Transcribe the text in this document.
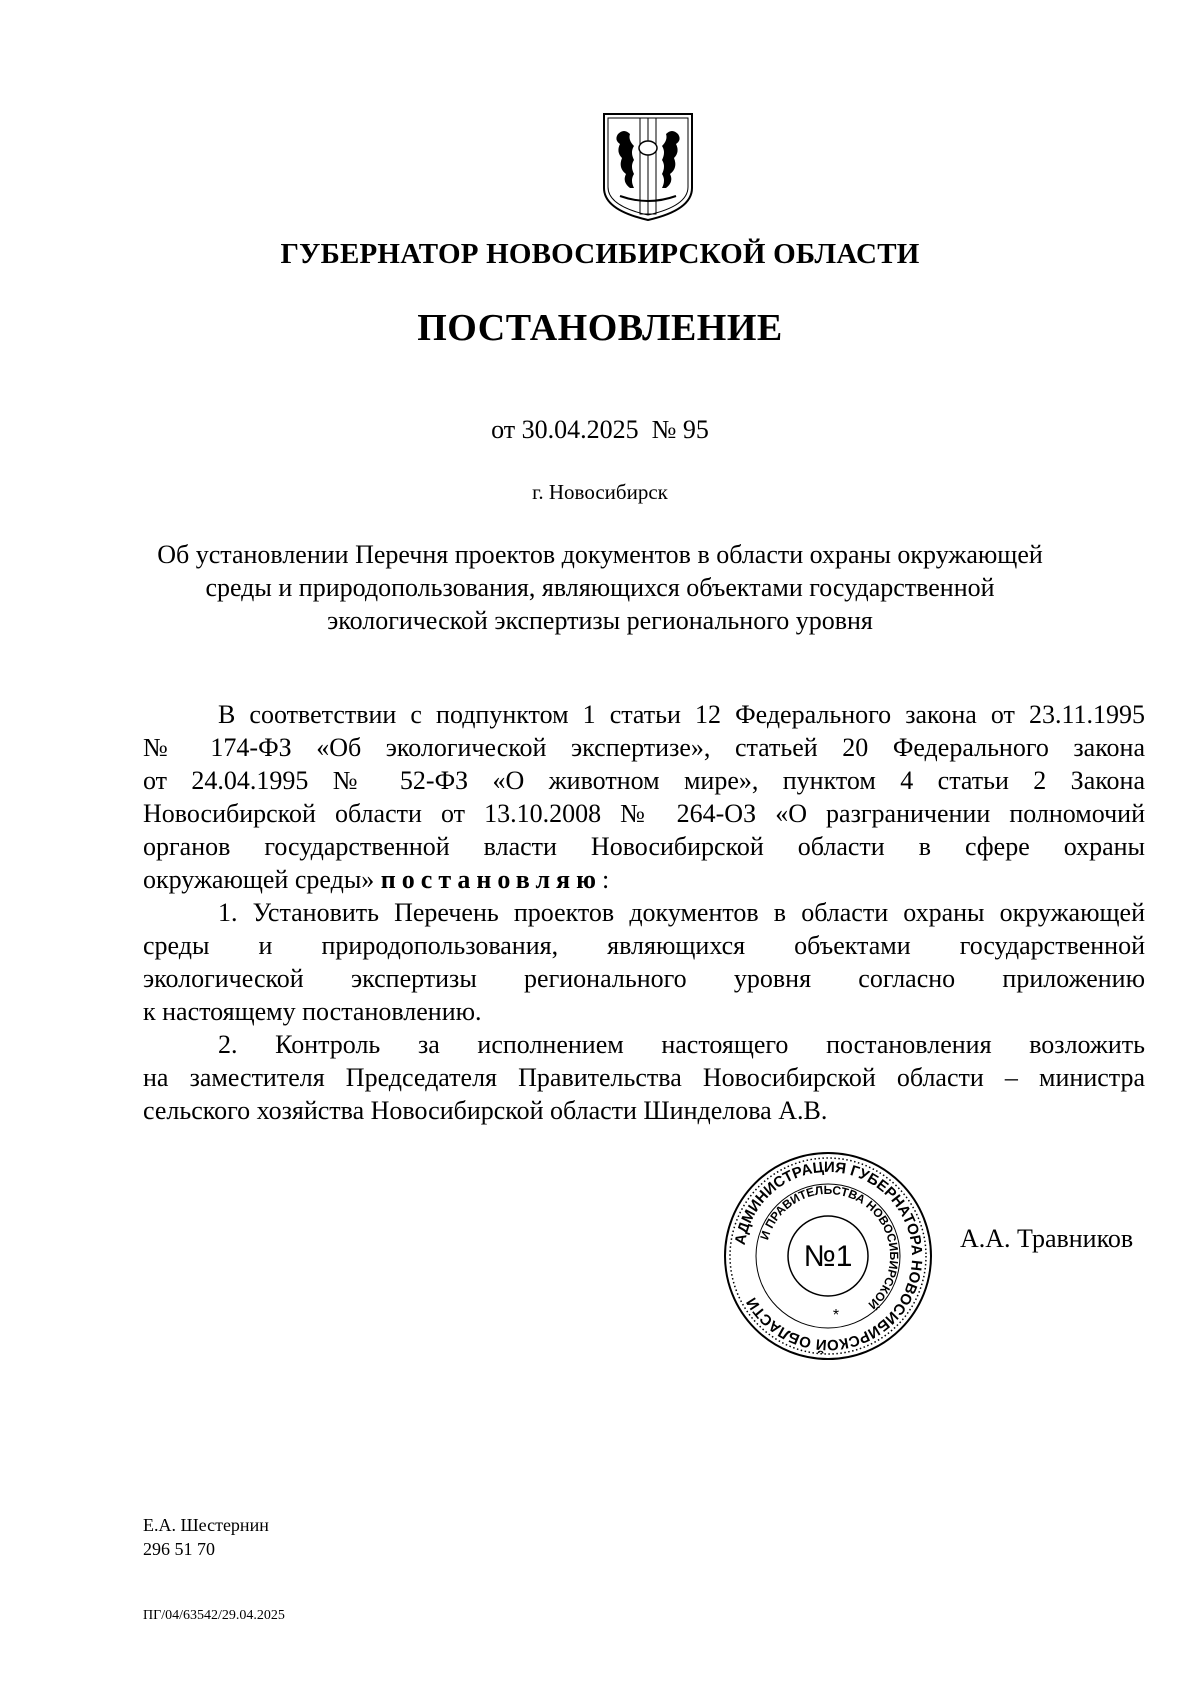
ГУБЕРНАТОР НОВОСИБИРСКОЙ ОБЛАСТИ
ПОСТАНОВЛЕНИЕ
от 30.04.2025  № 95
г. Новосибирск
Об установлении Перечня проектов документов в области охраны окружающей
среды и природопользования, являющихся объектами государственной
экологической экспертизы регионального уровня
В соответствии с подпунктом 1 статьи 12 Федерального закона от 23.11.1995
№ 174-ФЗ «Об экологической экспертизе», статьей 20 Федерального закона
от 24.04.1995 № 52-ФЗ «О животном мире», пунктом 4 статьи 2 Закона
Новосибирской области от 13.10.2008 № 264-ОЗ «О разграничении полномочий
органов государственной власти Новосибирской области в сфере охраны
окружающей среды» постановляю:
1. Установить Перечень проектов документов в области охраны окружающей
среды и природопользования, являющихся объектами государственной
экологической экспертизы регионального уровня согласно приложению
к настоящему постановлению.
2. Контроль за исполнением настоящего постановления возложить
на заместителя Председателя Правительства Новосибирской области – министра
сельского хозяйства Новосибирской области Шинделова А.В.
АДМИНИСТРАЦИЯ ГУБЕРНАТОРА НОВОСИБИРСКОЙ ОБЛАСТИ
И ПРАВИТЕЛЬСТВА НОВОСИБИРСКОЙ
№1
*
А.А. Травников
Е.А. Шестернин
296 51 70
ПГ/04/63542/29.04.2025
